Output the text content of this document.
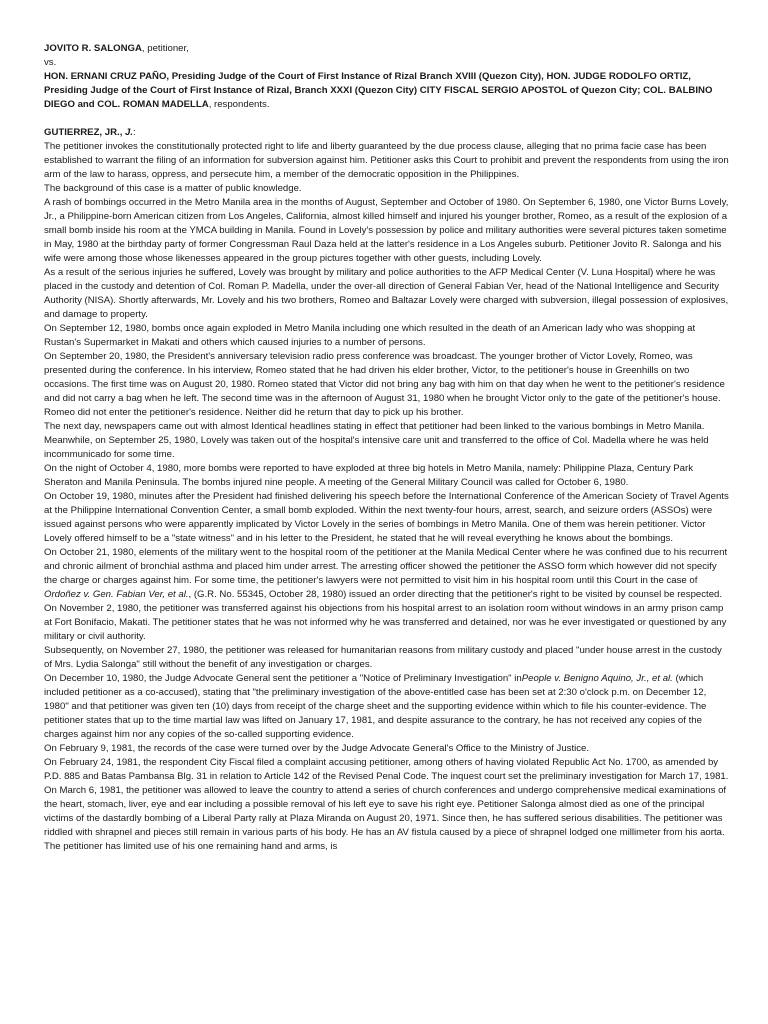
JOVITO R. SALONGA, petitioner,

vs.

HON. ERNANI CRUZ PAÑO, Presiding Judge of the Court of First Instance of Rizal Branch XVIII (Quezon City), HON. JUDGE RODOLFO ORTIZ, Presiding Judge of the Court of First Instance of Rizal, Branch XXXI (Quezon City) CITY FISCAL SERGIO APOSTOL of Quezon City; COL. BALBINO DIEGO and COL. ROMAN MADELLA, respondents.

GUTIERREZ, JR., J.:

The petitioner invokes the constitutionally protected right to life and liberty guaranteed by the due process clause, alleging that no prima facie case has been established to warrant the filing of an information for subversion against him. Petitioner asks this Court to prohibit and prevent the respondents from using the iron arm of the law to harass, oppress, and persecute him, a member of the democratic opposition in the Philippines.

The background of this case is a matter of public knowledge.

A rash of bombings occurred in the Metro Manila area in the months of August, September and October of 1980. On September 6, 1980, one Victor Burns Lovely, Jr., a Philippine-born American citizen from Los Angeles, California, almost killed himself and injured his younger brother, Romeo, as a result of the explosion of a small bomb inside his room at the YMCA building in Manila. Found in Lovely's possession by police and military authorities were several pictures taken sometime in May, 1980 at the birthday party of former Congressman Raul Daza held at the latter's residence in a Los Angeles suburb. Petitioner Jovito R. Salonga and his wife were among those whose likenesses appeared in the group pictures together with other guests, including Lovely.

As a result of the serious injuries he suffered, Lovely was brought by military and police authorities to the AFP Medical Center (V. Luna Hospital) where he was placed in the custody and detention of Col. Roman P. Madella, under the over-all direction of General Fabian Ver, head of the National Intelligence and Security Authority (NISA). Shortly afterwards, Mr. Lovely and his two brothers, Romeo and Baltazar Lovely were charged with subversion, illegal possession of explosives, and damage to property.

On September 12, 1980, bombs once again exploded in Metro Manila including one which resulted in the death of an American lady who was shopping at Rustan's Supermarket in Makati and others which caused injuries to a number of persons.

On September 20, 1980, the President's anniversary television radio press conference was broadcast. The younger brother of Victor Lovely, Romeo, was presented during the conference. In his interview, Romeo stated that he had driven his elder brother, Victor, to the petitioner's house in Greenhills on two occasions. The first time was on August 20, 1980. Romeo stated that Victor did not bring any bag with him on that day when he went to the petitioner's residence and did not carry a bag when he left. The second time was in the afternoon of August 31, 1980 when he brought Victor only to the gate of the petitioner's house. Romeo did not enter the petitioner's residence. Neither did he return that day to pick up his brother.

The next day, newspapers came out with almost Identical headlines stating in effect that petitioner had been linked to the various bombings in Metro Manila.

Meanwhile, on September 25, 1980, Lovely was taken out of the hospital's intensive care unit and transferred to the office of Col. Madella where he was held incommunicado for some time.

On the night of October 4, 1980, more bombs were reported to have exploded at three big hotels in Metro Manila, namely: Philippine Plaza, Century Park Sheraton and Manila Peninsula. The bombs injured nine people. A meeting of the General Military Council was called for October 6, 1980.

On October 19, 1980, minutes after the President had finished delivering his speech before the International Conference of the American Society of Travel Agents at the Philippine International Convention Center, a small bomb exploded. Within the next twenty-four hours, arrest, search, and seizure orders (ASSOs) were issued against persons who were apparently implicated by Victor Lovely in the series of bombings in Metro Manila. One of them was herein petitioner. Victor Lovely offered himself to be a "state witness" and in his letter to the President, he stated that he will reveal everything he knows about the bombings.

On October 21, 1980, elements of the military went to the hospital room of the petitioner at the Manila Medical Center where he was confined due to his recurrent and chronic ailment of bronchial asthma and placed him under arrest. The arresting officer showed the petitioner the ASSO form which however did not specify the charge or charges against him. For some time, the petitioner's lawyers were not permitted to visit him in his hospital room until this Court in the case of Ordoñez v. Gen. Fabian Ver, et al., (G.R. No. 55345, October 28, 1980) issued an order directing that the petitioner's right to be visited by counsel be respected.

On November 2, 1980, the petitioner was transferred against his objections from his hospital arrest to an isolation room without windows in an army prison camp at Fort Bonifacio, Makati. The petitioner states that he was not informed why he was transferred and detained, nor was he ever investigated or questioned by any military or civil authority.

Subsequently, on November 27, 1980, the petitioner was released for humanitarian reasons from military custody and placed "under house arrest in the custody of Mrs. Lydia Salonga" still without the benefit of any investigation or charges.

On December 10, 1980, the Judge Advocate General sent the petitioner a "Notice of Preliminary Investigation" inPeople v. Benigno Aquino, Jr., et al. (which included petitioner as a co-accused), stating that "the preliminary investigation of the above-entitled case has been set at 2:30 o'clock p.m. on December 12, 1980" and that petitioner was given ten (10) days from receipt of the charge sheet and the supporting evidence within which to file his counter-evidence. The petitioner states that up to the time martial law was lifted on January 17, 1981, and despite assurance to the contrary, he has not received any copies of the charges against him nor any copies of the so-called supporting evidence.

On February 9, 1981, the records of the case were turned over by the Judge Advocate General's Office to the Ministry of Justice.

On February 24, 1981, the respondent City Fiscal filed a complaint accusing petitioner, among others of having violated Republic Act No. 1700, as amended by P.D. 885 and Batas Pambansa Blg. 31 in relation to Article 142 of the Revised Penal Code. The inquest court set the preliminary investigation for March 17, 1981.

On March 6, 1981, the petitioner was allowed to leave the country to attend a series of church conferences and undergo comprehensive medical examinations of the heart, stomach, liver, eye and ear including a possible removal of his left eye to save his right eye. Petitioner Salonga almost died as one of the principal victims of the dastardly bombing of a Liberal Party rally at Plaza Miranda on August 20, 1971. Since then, he has suffered serious disabilities. The petitioner was riddled with shrapnel and pieces still remain in various parts of his body. He has an AV fistula caused by a piece of shrapnel lodged one millimeter from his aorta. The petitioner has limited use of his one remaining hand and arms, is
